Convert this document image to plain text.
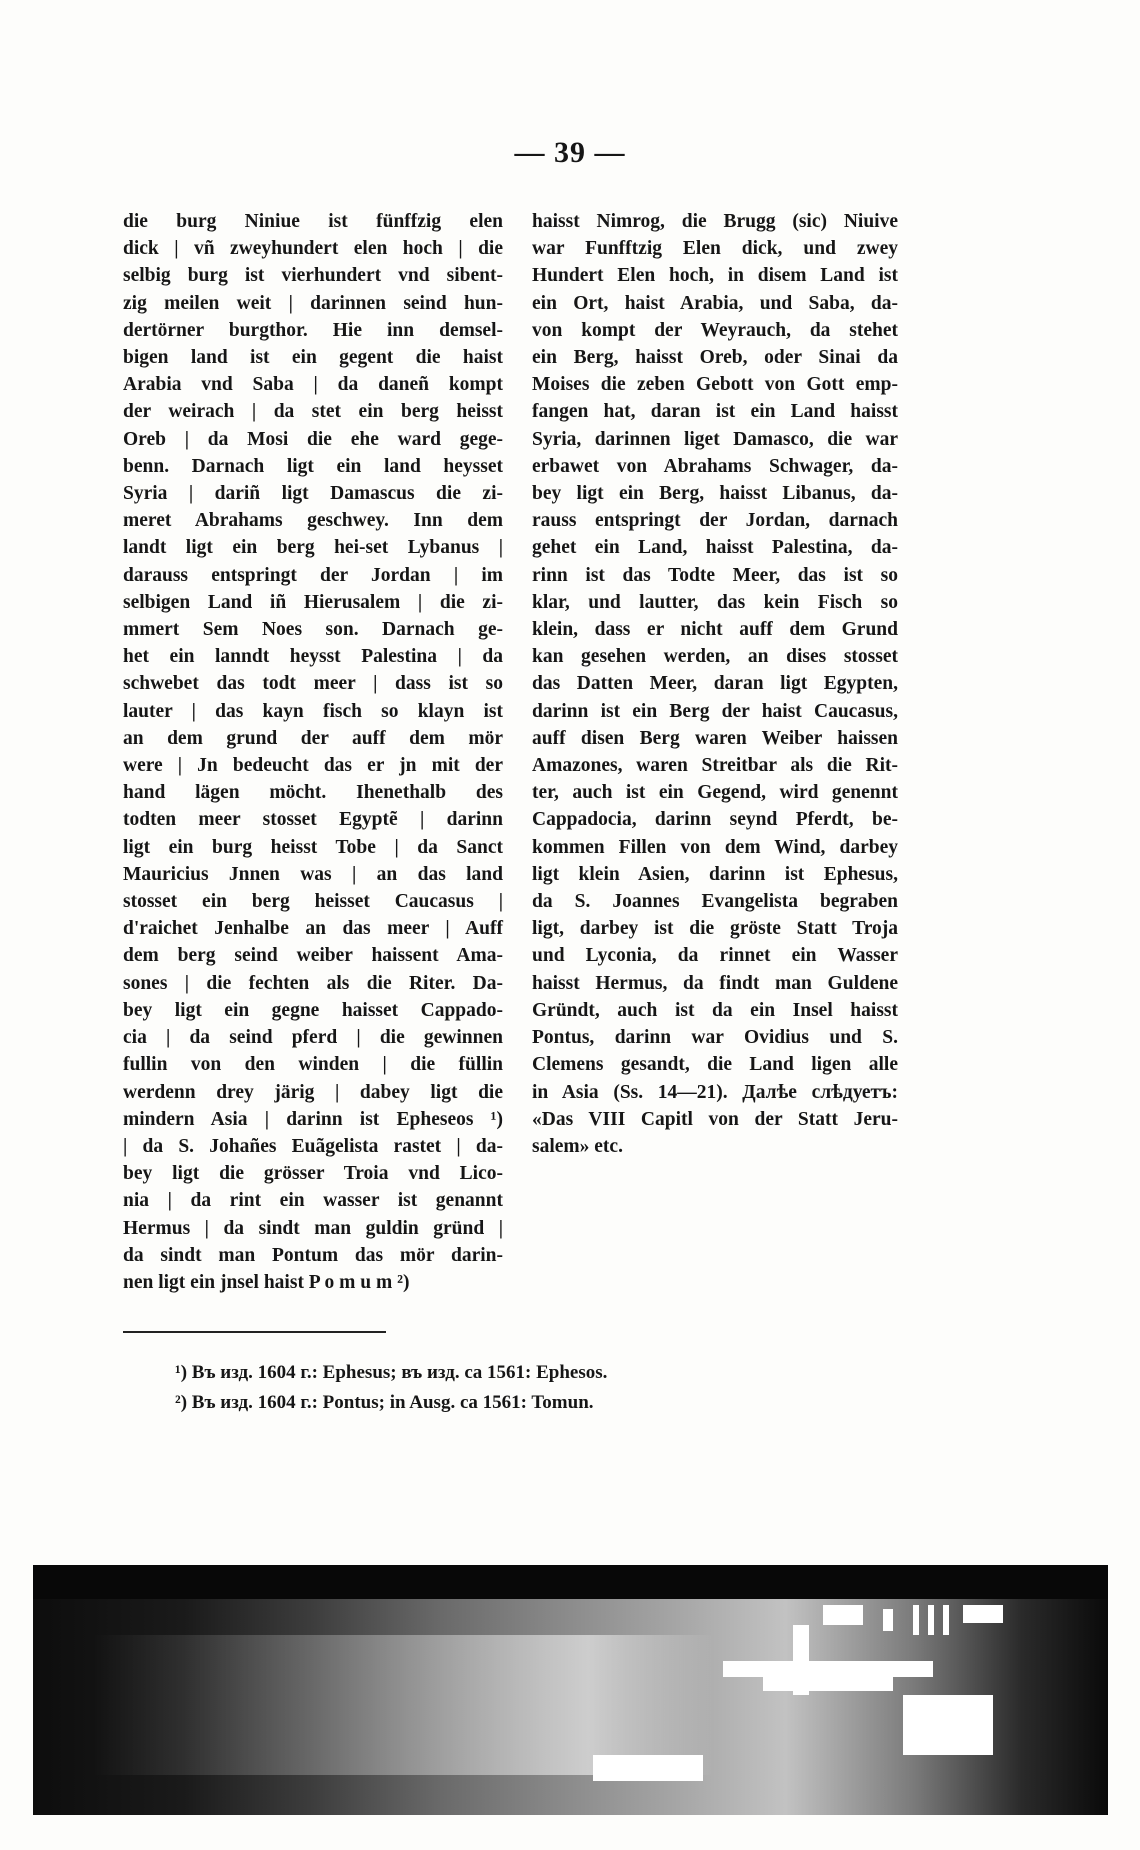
— 39 —
die burg Niniue ist fünffzig elen
dick | vñ zweyhundert elen hoch | die
selbig burg ist vierhundert vnd sibent-
zig meilen weit | darinnen seind hun-
dertörner burgthor. Hie inn demsel-
bigen land ist ein gegent die haist
Arabia vnd Saba | da daneñ kompt
der weirach | da stet ein berg heisst
Oreb | da Mosi die ehe ward gege-
benn. Darnach ligt ein land heysset
Syria | dariñ ligt Damascus die zi-
meret Abrahams geschwey. Inn dem
landt ligt ein berg hei-set Lybanus |
darauss entspringt der Jordan | im
selbigen Land iñ Hierusalem | die zi-
mmert Sem Noes son. Darnach ge-
het ein lanndt heysst Palestina | da
schwebet das todt meer | dass ist so
lauter | das kayn fisch so klayn ist
an dem grund der auff dem mör
were | Jn bedeucht das er jn mit der
hand lägen möcht. Ihenethalb des
todten meer stosset Egyptẽ | darinn
ligt ein burg heisst Tobe | da Sanct
Mauricius Jnnen was | an das land
stosset ein berg heisset Caucasus |
d'raichet Jenhalbe an das meer | Auff
dem berg seind weiber haissent Ama-
sones | die fechten als die Riter. Da-
bey ligt ein gegne haisset Cappado-
cia | da seind pferd | die gewinnen
fullin von den winden | die füllin
werdenn drey järig | dabey ligt die
mindern Asia | darinn ist Epheseos ¹)
| da S. Johañes Euãgelista rastet | da-
bey ligt die grösser Troia vnd Lico-
nia | da rint ein wasser ist genannt
Hermus | da sindt man guldin gründ |
da sindt man Pontum das mör darin-
nen ligt ein jnsel haist P o m u m ²)
haisst Nimrog, die Brugg (sic) Niuive
war Funfftzig Elen dick, und zwey
Hundert Elen hoch, in disem Land ist
ein Ort, haist Arabia, und Saba, da-
von kompt der Weyrauch, da stehet
ein Berg, haisst Oreb, oder Sinai da
Moises die zeben Gebott von Gott emp-
fangen hat, daran ist ein Land haisst
Syria, darinnen liget Damasco, die war
erbawet von Abrahams Schwager, da-
bey ligt ein Berg, haisst Libanus, da-
rauss entspringt der Jordan, darnach
gehet ein Land, haisst Palestina, da-
rinn ist das Todte Meer, das ist so
klar, und lautter, das kein Fisch so
klein, dass er nicht auff dem Grund
kan gesehen werden, an dises stosset
das Datten Meer, daran ligt Egypten,
darinn ist ein Berg der haist Caucasus,
auff disen Berg waren Weiber haissen
Amazones, waren Streitbar als die Rit-
ter, auch ist ein Gegend, wird genennt
Cappadocia, darinn seynd Pferdt, be-
kommen Fillen von dem Wind, darbey
ligt klein Asien, darinn ist Ephesus,
da S. Joannes Evangelista begraben
ligt, darbey ist die gröste Statt Troja
und Lyconia, da rinnet ein Wasser
haisst Hermus, da findt man Guldene
Gründt, auch ist da ein Insel haisst
Pontus, darinn war Ovidius und S.
Clemens gesandt, die Land ligen alle
in Asia (Ss. 14—21). Далѣе слѣдуетъ:
«Das VIII Capitl von der Statt Jeru-
salem» etc.
¹) Въ изд. 1604 г.: Ephesus; въ изд. ca 1561: Ephesos.
²) Въ изд. 1604 г.: Pontus; in Ausg. ca 1561: Tomun.
